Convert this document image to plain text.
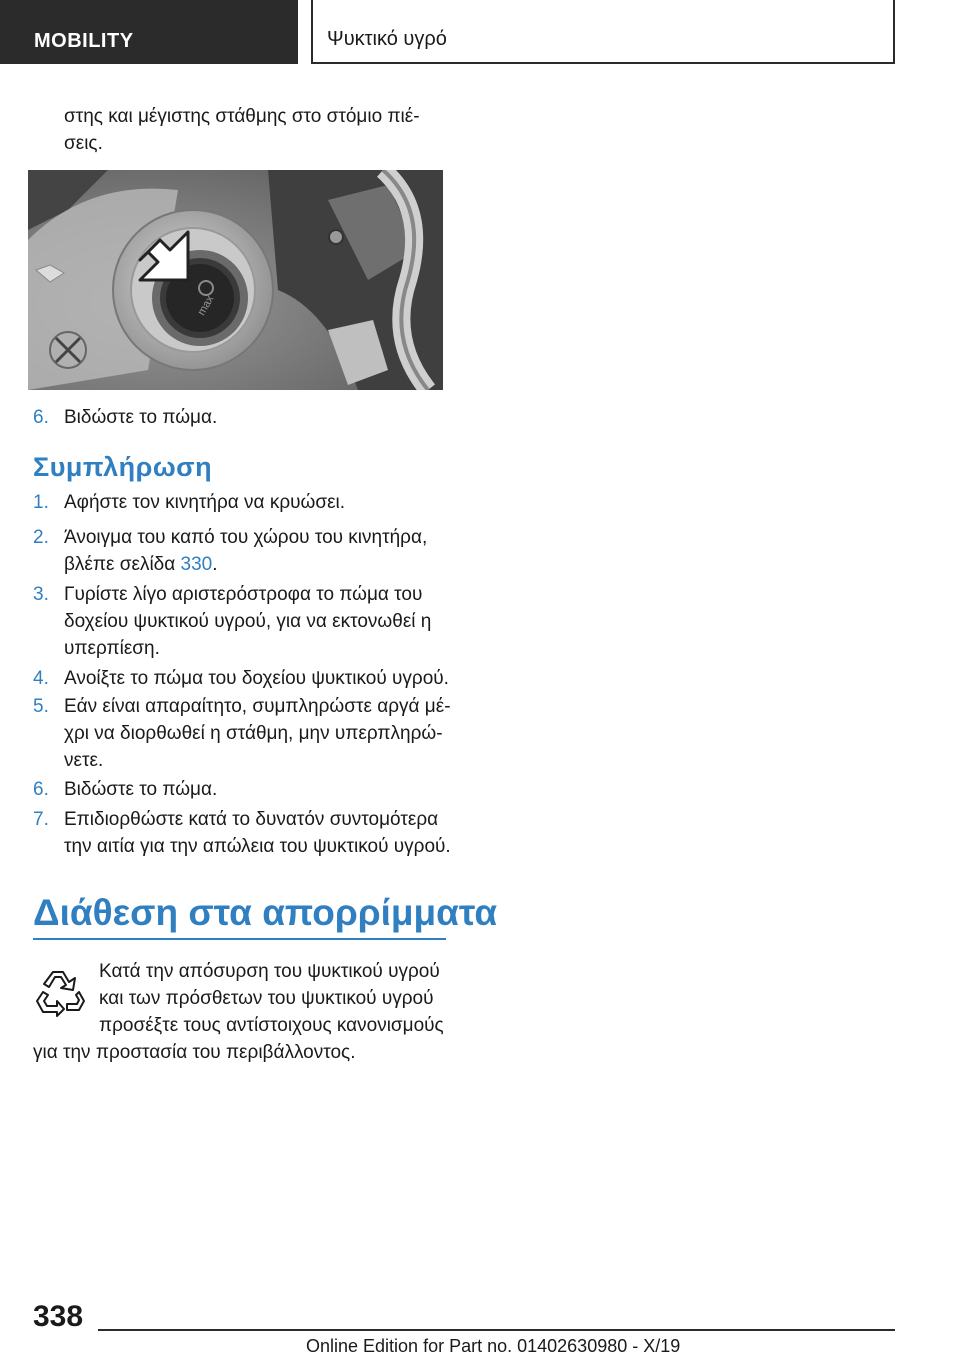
MOBILITY	Ψυκτικό υγρό
στης και μέγιστης στάθμης στο στόμιο πιέ-
σεις.
max
6. Βιδώστε το πώμα.
Συμπλήρωση
1. Αφήστε τον κινητήρα να κρυώσει.
2. Άνοιγμα του καπό του χώρου του κινητήρα,
βλέπε σελίδα 330.
3. Γυρίστε λίγο αριστερόστροφα το πώμα του
δοχείου ψυκτικού υγρού, για να εκτονωθεί η
υπερπίεση.
4. Ανοίξτε το πώμα του δοχείου ψυκτικού υγρού.
5. Εάν είναι απαραίτητο, συμπληρώστε αργά μέ-
χρι να διορθωθεί η στάθμη, μην υπερπληρώ-
νετε.
6. Βιδώστε το πώμα.
7. Επιδιορθώστε κατά το δυνατόν συντομότερα
την αιτία για την απώλεια του ψυκτικού υγρού.
Διάθεση στα απορρίμματα
Κατά την απόσυρση του ψυκτικού υγρού
και των πρόσθετων του ψυκτικού υγρού
προσέξτε τους αντίστοιχους κανονισμούς
για την προστασία του περιβάλλοντος.
338
Online Edition for Part no. 01402630980 - X/19
